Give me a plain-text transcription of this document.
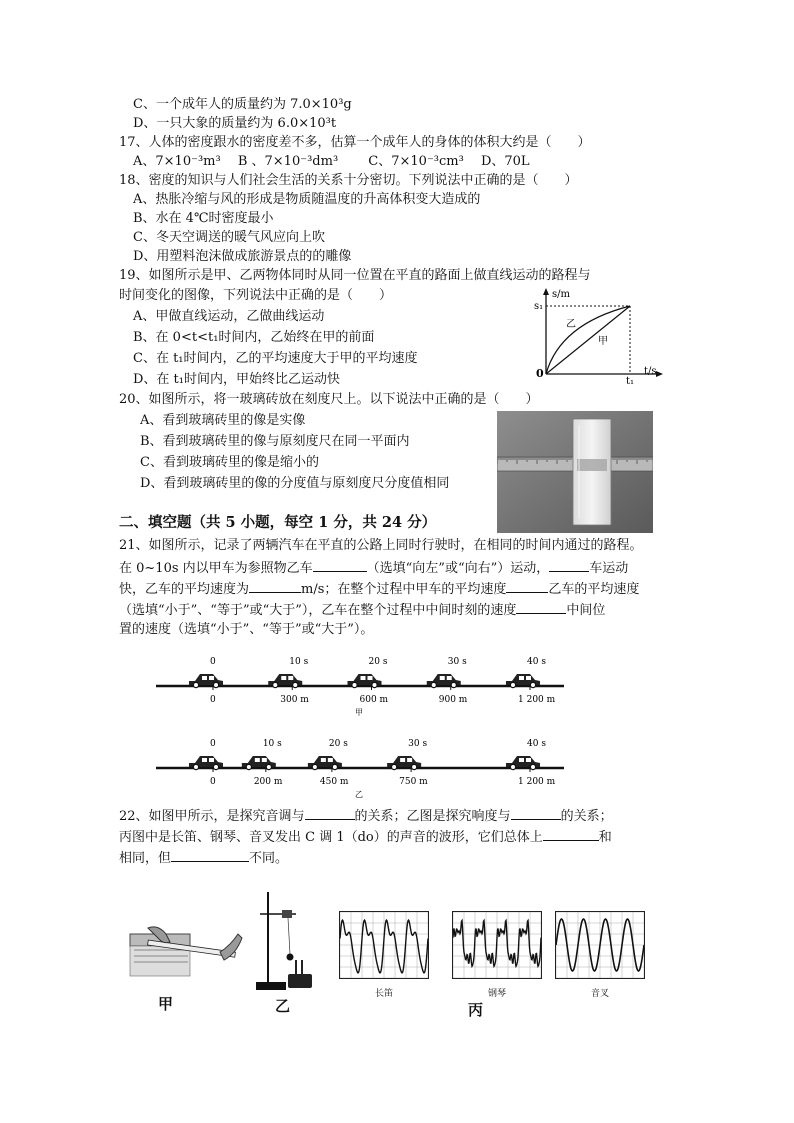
C、一个成年人的质量约为 7.0×10³g
D、一只大象的质量约为 6.0×10³t
17、人体的密度跟水的密度差不多，估算一个成年人的身体的体积大约是（　　）
A、7×10⁻³m³　 B 、7×10⁻³dm³　　 C、7×10⁻³cm³　 D、70L
18、密度的知识与人们社会生活的关系十分密切。下列说法中正确的是（　　）
A、热胀冷缩与风的形成是物质随温度的升高体积变大造成的
B、水在 4℃时密度最小
C、冬天空调送的暖气风应向上吹
D、用塑料泡沫做成旅游景点的的雕像
19、如图所示是甲、乙两物体同时从同一位置在平直的路面上做直线运动的路程与
时间变化的图像，下列说法中正确的是（　　）
A、甲做直线运动，乙做曲线运动
B、在 0<t<t₁时间内，乙始终在甲的前面
C、在 t₁时间内，乙的平均速度大于甲的平均速度
D、在 t₁时间内，甲始终比乙运动快
20、如图所示，将一玻璃砖放在刻度尺上。以下说法中正确的是（　　）
A、看到玻璃砖里的像是实像
B、看到玻璃砖里的像与原刻度尺在同一平面内
C、看到玻璃砖里的像是缩小的
D、看到玻璃砖里的像的分度值与原刻度尺分度值相同
二、填空题（共 5 小题，每空 1 分，共 24 分）
21、如图所示，记录了两辆汽车在平直的公路上同时行驶时，在相同的时间内通过的路程。
在 0~10s 内以甲车为参照物乙车	（选填“向左”或“向右”）运动，	车运动
快，乙车的平均速度为	m/s；在整个过程中甲车的平均速度	乙车的平均速度
（选填“小于”、“等于”或“大于”），乙车在整个过程中中间时刻的速度	中间位
置的速度（选填“小于”、“等于”或“大于”）。
22、如图甲所示，是探究音调与	的关系；乙图是探究响度与	的关系；
丙图中是长笛、钢琴、音叉发出 C 调 1（do）的声音的波形，它们总体上	和
相同，但	不同。
s/m
t/s
s₁
t₁
0
乙
甲
0
0
10 s
300 m
20 s
600 m
30 s
900 m
40 s
1 200 m
甲
0
0
10 s
200 m
20 s
450 m
30 s
750 m
40 s
1 200 m
乙
甲	乙
长笛	钢琴	音叉
丙
